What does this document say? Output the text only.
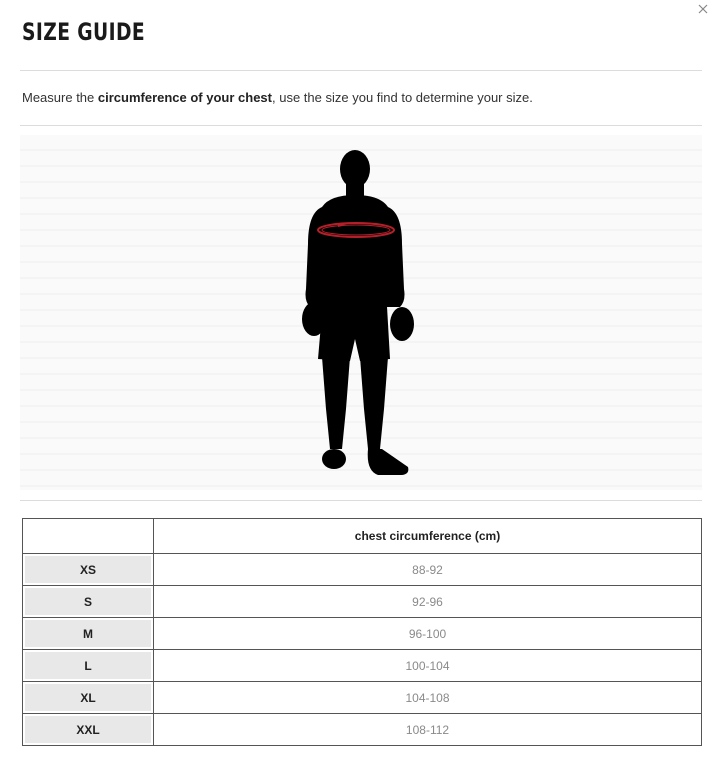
SIZE GUIDE
Measure the circumference of your chest, use the size you find to determine your size.
	chest circumference (cm)
XS	88-92
S	92-96
M	96-100
L	100-104
XL	104-108
XXL	108-112
